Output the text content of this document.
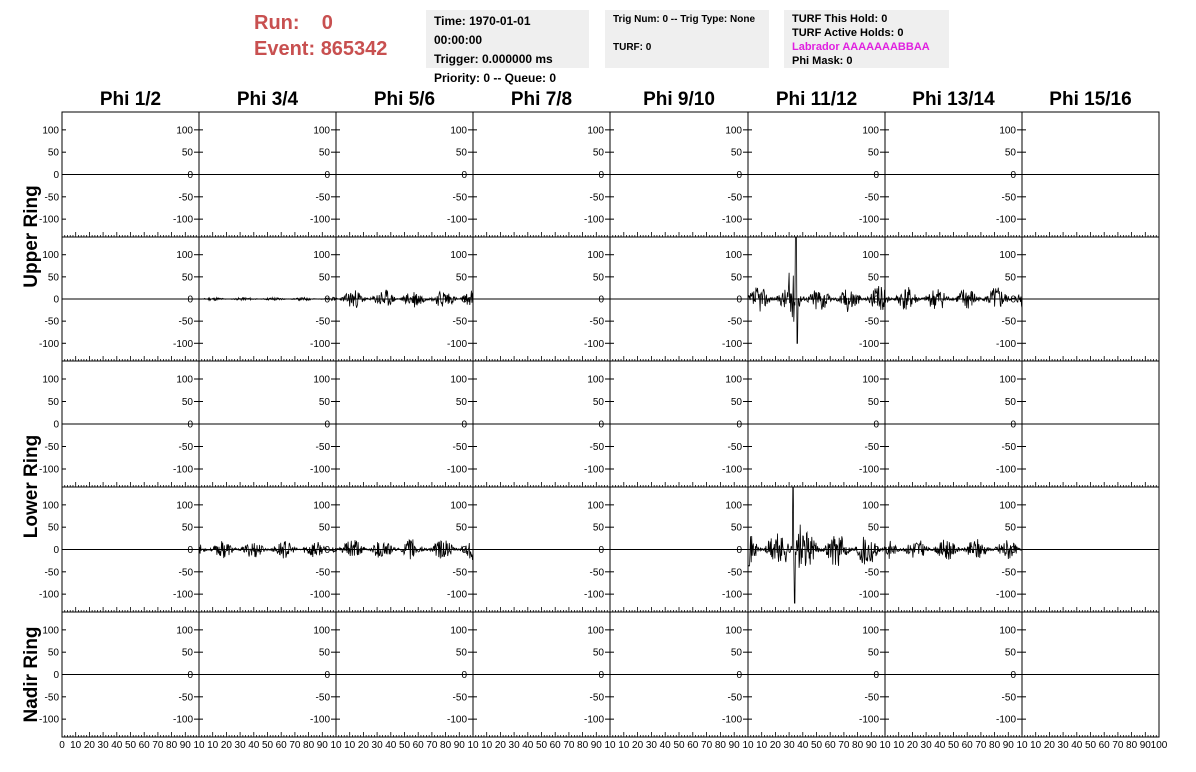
Run: 0
Event: 865342
Time: 1970-01-01 00:00:00
Trigger: 0.000000 ms
Priority: 0 -- Queue: 0
Trig Num: 0 -- Trig Type: None
TURF: 0
TURF This Hold: 0
TURF Active Holds: 0
Labrador AAAAAAABBAA
Phi Mask: 0
Phi 1/2	Phi 3/4	Phi 5/6	Phi 7/8	Phi 9/10	Phi 11/12	Phi 13/14	Phi 15/16
Upper Ring
Lower Ring
Nadir Ring
100
50
0
-50
-100
100
50
0
-50
-100
100
50
0
-50
-100
100
50
0
-50
-100
100
50
0
-50
-100
100
50
0
-50
-100
100
50
0
-50
-100
100
50
0
-50
-100
100
50
0
-50
-100
100
50
0
-50
-100
100
50
0
-50
-100
100
50
0
-50
-100
100
50
0
-50
-100
100
50
0
-50
-100
100
50
0
-50
-100
100
50
0
-50
-100
100
50
0
-50
-100
100
50
0
-50
-100
100
50
0
-50
-100
100
50
0
-50
-100
100
50
0
-50
-100
100
50
0
-50
-100
100
50
0
-50
-100
100
50
0
-50
-100
100
50
0
-50
-100
100
50
0
-50
-100
100
50
0
-50
-100
100
50
0
-50
-100
100
50
0
-50
-100
100
50
0
-50
-100
100
50
0
-50
-100
100
50
0
-50
-100
100
50
0
-50
-100
100
50
0
-50
-100
100
50
0
-50
-100
100
50
0
-50
-100
100
50
0
-50
-100
100
50
0
-50
-100
100
50
0
-50
-100
100
50
0
-50
-100
0 10 20 30 40 50 60 70 80 90 10 10 20 30 40 50 60 70 80 90 10 10 20 30 40 50 60 70 80 90 10 10 20 30 40 50 60 70 80 90 10 10 20 30 40 50 60 70 80 90 10 10 20 30 40 50 60 70 80 90 10 10 20 30 40 50 60 70 80 90 10 10 20 30 40 50 60 70 80 90 100
